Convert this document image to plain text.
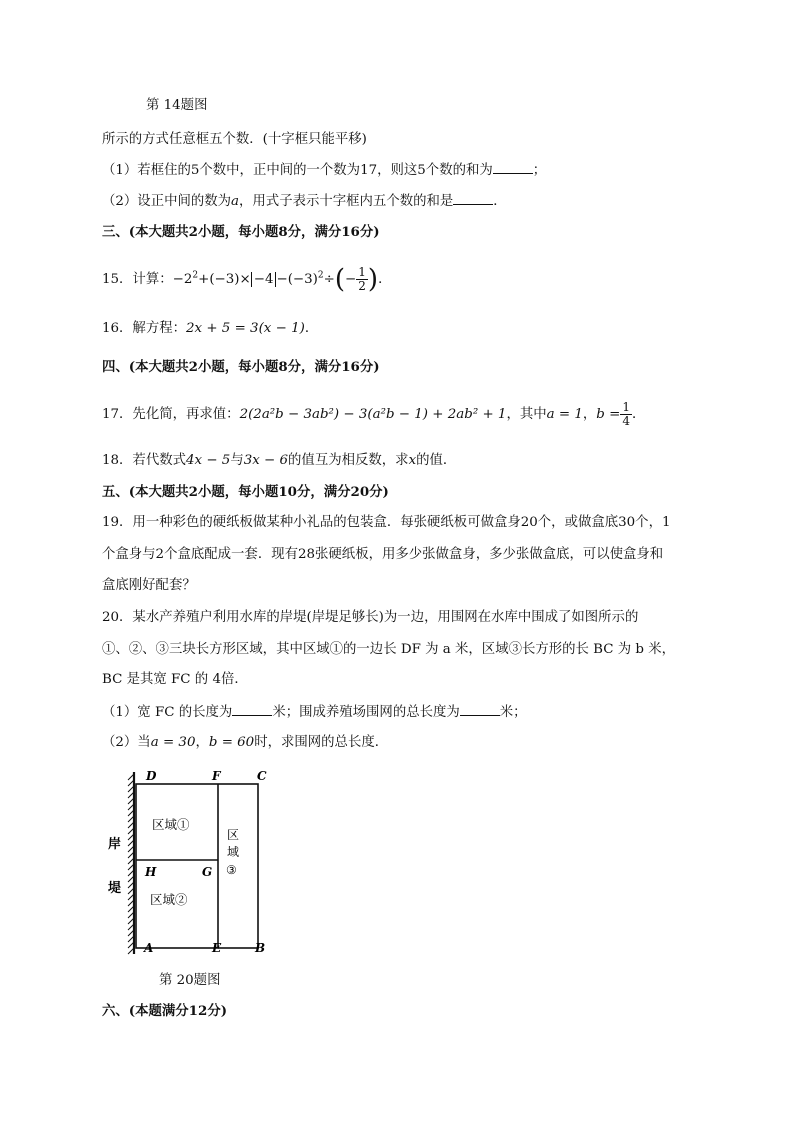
第 14题图
所示的方式任意框五个数．(十字框只能平移)
（1）若框住的5个数中，正中间的一个数为17，则这5个数的和为	；
（2）设正中间的数为a，用式子表示十字框内五个数的和是	．
三、(本大题共2小题，每小题8分，满分16分)
15．计算：$-2^2+(-3)\times -4 -(-3)^2\div(- \frac{1}{2}$ )．
16．解方程：2x + 5 = 3(x − 1)．
四、(本大题共2小题，每小题8分，满分16分)
17．先化简，再求值：2(2a²b − 3ab²) − 3(a²b − 1) + 2ab² + 1，其中a = 1，$b = \frac{1}{4}$ ．
18．若代数式4x − 5与3x − 6的值互为相反数，求x的值．
五、(本大题共2小题，每小题10分，满分20分)
19．用一种彩色的硬纸板做某种小礼品的包装盒．每张硬纸板可做盒身20个，或做盒底30个，1
个盒身与2个盒底配成一套．现有28张硬纸板，用多少张做盒身，多少张做盒底，可以使盒身和
盒底刚好配套？
20．某水产养殖户利用水库的岸堤(岸堤足够长)为一边，用围网在水库中围成了如图所示的
①、②、③三块长方形区域，其中区域①的一边长 DF 为 a 米，区域③长方形的长 BC 为 b 米，
BC 是其宽 FC 的 4倍．
（1）宽 FC 的长度为	米；围成养殖场围网的总长度为	米；
（2）当a = 30，b = 60时，求围网的总长度．
D	F	C
H	G
A	E	B
区域①
区域②
区
域
③
岸
堤
第 20题图
六、(本题满分12分)
